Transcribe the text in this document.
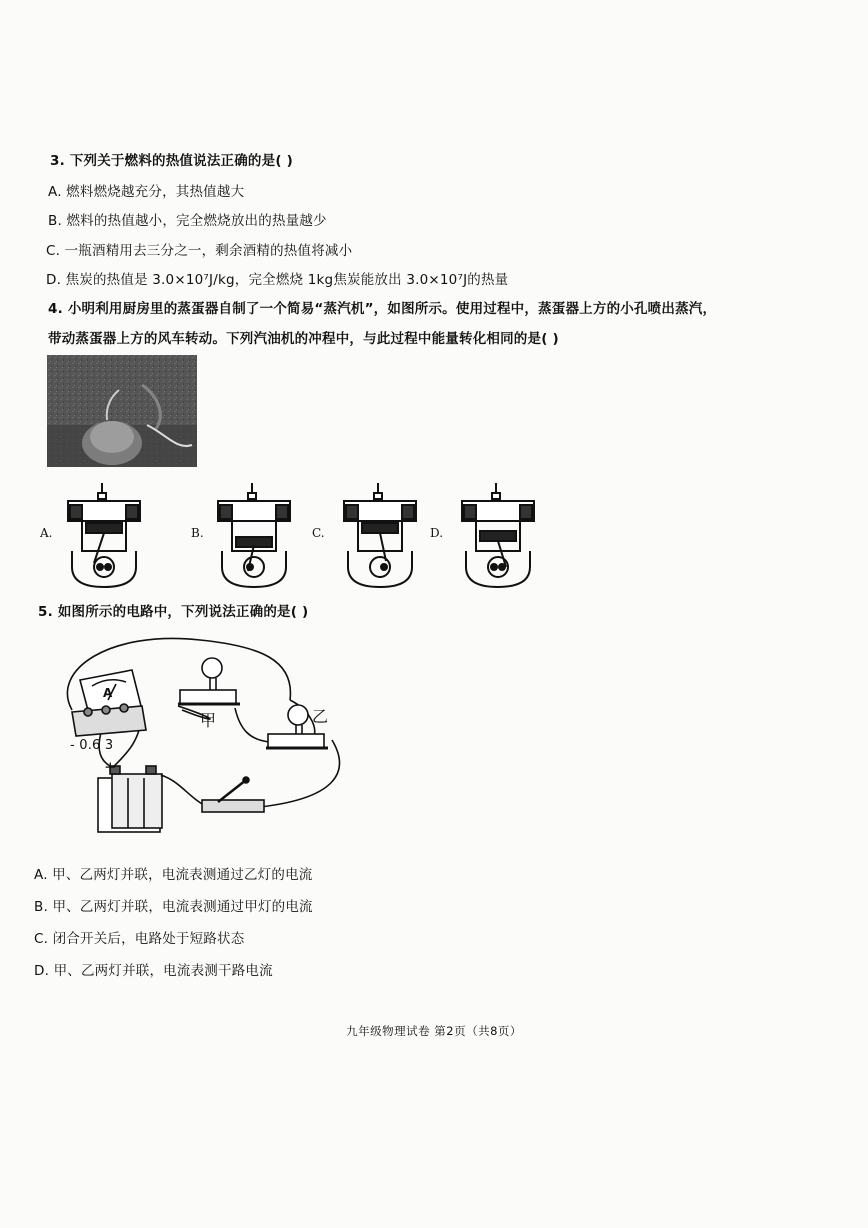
3. 下列关于燃料的热值说法正确的是( )
A. 燃料燃烧越充分，其热值越大
B. 燃料的热值越小，完全燃烧放出的热量越少
C. 一瓶酒精用去三分之一，剩余酒精的热值将减小
D. 焦炭的热值是 3.0×10⁷J/kg，完全燃烧 1kg焦炭能放出 3.0×10⁷J的热量
4. 小明利用厨房里的蒸蛋器自制了一个简易“蒸汽机”，如图所示。使用过程中，蒸蛋器上方的小孔喷出蒸汽，
带动蒸蛋器上方的风车转动。下列汽油机的冲程中，与此过程中能量转化相同的是( )
A.	B.	C.	D.
5. 如图所示的电路中，下列说法正确的是( )
A
- 0.6 3
甲	乙
+	-
A. 甲、乙两灯并联，电流表测通过乙灯的电流
B. 甲、乙两灯并联，电流表测通过甲灯的电流
C. 闭合开关后，电路处于短路状态
D. 甲、乙两灯并联，电流表测干路电流
九年级物理试卷 第2页（共8页）
